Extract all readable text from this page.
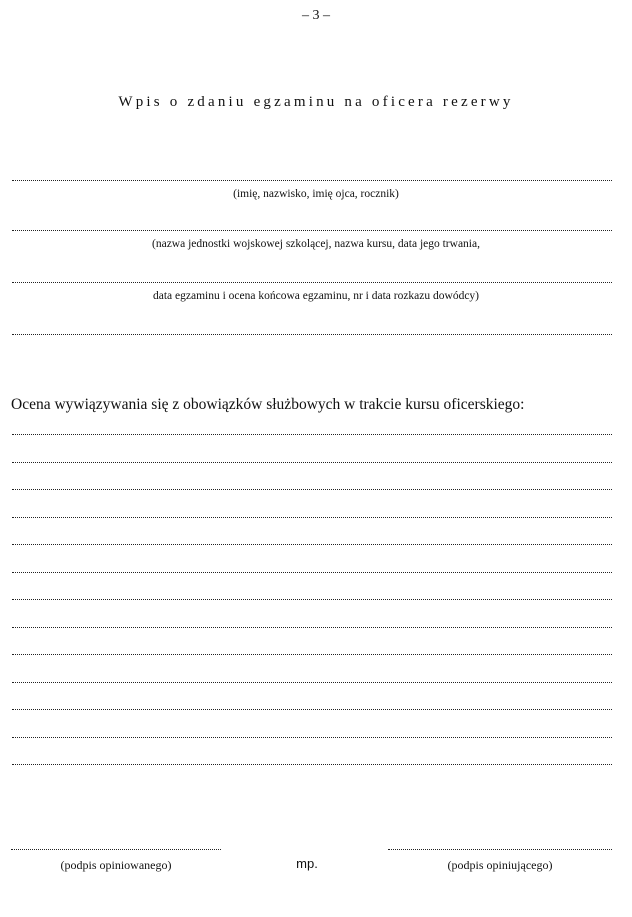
– 3 –
Wpis o zdaniu egzaminu na oficera rezerwy
(imię, nazwisko, imię ojca, rocznik)
(nazwa jednostki wojskowej szkolącej, nazwa kursu, data jego trwania,
data egzaminu i ocena końcowa egzaminu, nr i data rozkazu dowódcy)
Ocena wywiązywania się z obowiązków służbowych w trakcie kursu oficerskiego:
(podpis opiniowanego)	mp.	(podpis opiniującego)
